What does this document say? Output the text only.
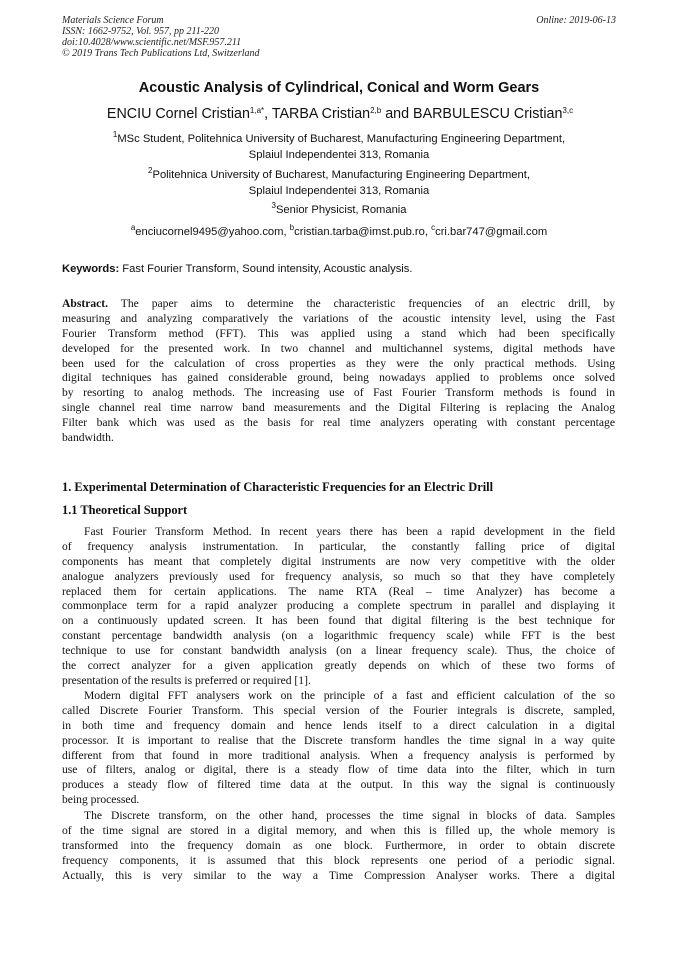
Materials Science Forum
ISSN: 1662-9752, Vol. 957, pp 211-220
doi:10.4028/www.scientific.net/MSF.957.211
© 2019 Trans Tech Publications Ltd, Switzerland
Online: 2019-06-13
Acoustic Analysis of Cylindrical, Conical and Worm Gears
ENCIU Cornel Cristian$^{1,a*}$, TARBA Cristian$^{2,b}$ and BARBULESCU Cristian$^{3,c}$
$^1$MSc Student, Politehnica University of Bucharest, Manufacturing Engineering Department,
Splaiul Independentei 313, Romania
$^2$Politehnica University of Bucharest, Manufacturing Engineering Department,
Splaiul Independentei 313, Romania
$^3$Senior Physicist, Romania
$^a$enciucornel9495@yahoo.com, $^b$cristian.tarba@imst.pub.ro, $^c$cri.bar747@gmail.com
Keywords: Fast Fourier Transform, Sound intensity, Acoustic analysis.
Abstract. The paper aims to determine the characteristic frequencies of an electric drill, by
measuring and analyzing comparatively the variations of the acoustic intensity level, using the Fast
Fourier Transform method (FFT). This was applied using a stand which had been specifically
developed for the presented work. In two channel and multichannel systems, digital methods have
been used for the calculation of cross properties as they were the only practical methods. Using
digital techniques has gained considerable ground, being nowadays applied to problems once solved
by resorting to analog methods. The increasing use of Fast Fourier Transform methods is found in
single channel real time narrow band measurements and the Digital Filtering is replacing the Analog
Filter bank which was used as the basis for real time analyzers operating with constant percentage
bandwidth.
1. Experimental Determination of Characteristic Frequencies for an Electric Drill
1.1 Theoretical Support
Fast Fourier Transform Method. In recent years there has been a rapid development in the field
of frequency analysis instrumentation. In particular, the constantly falling price of digital
components has meant that completely digital instruments are now very competitive with the older
analogue analyzers previously used for frequency analysis, so much so that they have completely
replaced them for certain applications. The name RTA (Real – time Analyzer) has become a
commonplace term for a rapid analyzer producing a complete spectrum in parallel and displaying it
on a continuously updated screen. It has been found that digital filtering is the best technique for
constant percentage bandwidth analysis (on a logarithmic frequency scale) while FFT is the best
technique to use for constant bandwidth analysis (on a linear frequency scale). Thus, the choice of
the correct analyzer for a given application greatly depends on which of these two forms of
presentation of the results is preferred or required [1].
Modern digital FFT analysers work on the principle of a fast and efficient calculation of the so
called Discrete Fourier Transform. This special version of the Fourier integrals is discrete, sampled,
in both time and frequency domain and hence lends itself to a direct calculation in a digital
processor. It is important to realise that the Discrete transform handles the time signal in a way quite
different from that found in more traditional analysis. When a frequency analysis is performed by
use of filters, analog or digital, there is a steady flow of time data into the filter, which in turn
produces a steady flow of filtered time data at the output. In this way the signal is continuously
being processed.
The Discrete transform, on the other hand, processes the time signal in blocks of data. Samples
of the time signal are stored in a digital memory, and when this is filled up, the whole memory is
transformed into the frequency domain as one block. Furthermore, in order to obtain discrete
frequency components, it is assumed that this block represents one period of a periodic signal.
Actually, this is very similar to the way a Time Compression Analyser works. There a digital
